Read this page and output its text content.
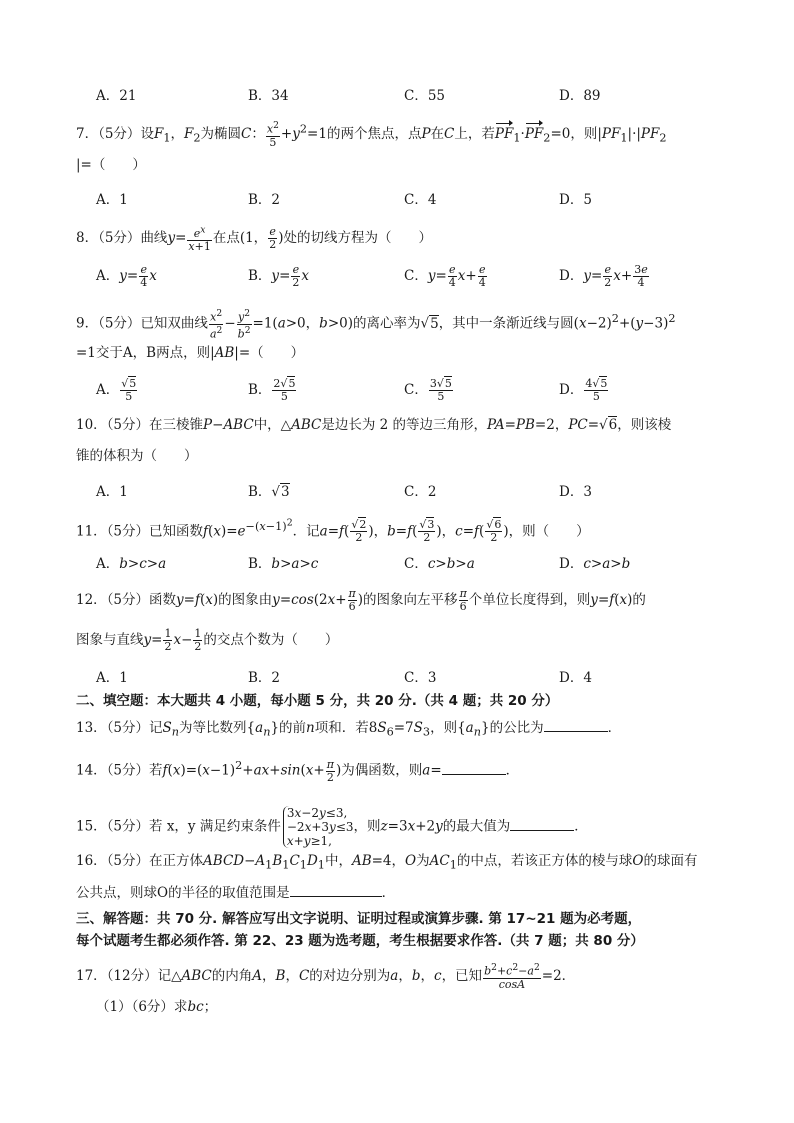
A．21	B．34	C．55	D．89
7．（5分）设$F_1$，$F_2$为椭圆C： $\frac{x^2}{5} +y^2=1$的两个焦点，点P在C上，若$PF_1\cdot PF_2=0$，则$|PF_1|\cdot|PF_2$
|=（　　）
A．1	B．2	C．4	D．5
8．（5分）曲线$y= \frac{e^x}{x+1}$ 在点(1， $\frac{e}{2}$ )处的切线方程为（　　）
A．$y= \frac{e}{4}$ x	B．$y= \frac{e}{2}$ x	C．$y= \frac{e}{4} x+ \frac{e}{4}$	D．$y= \frac{e}{2} x+ \frac{3e}{4}$
9．（5分）已知双曲线 $\frac{x^2}{a^2} - \frac{y^2}{b^2} =1(a>0$，b>0)的离心率为√5，其中一条渐近线与圆$(x-2)^2+(y-3)^2$
=1交于A，B两点，则|AB|=（　　）
A． $\frac{√5}{5}$	B． $\frac{2√5}{5}$	C． $\frac{3√5}{5}$	D． $\frac{4√5}{5}$
10．（5分）在三棱锥P−ABC中，△ABC是边长为 2 的等边三角形，PA=PB=2，PC=√6，则该棱
锥的体积为（　　）
A．1	B．√3	C．2	D．3
11．（5分）已知函数$f(x)=e^{-(x-1)^2}$．记$a=f( \frac{√2}{2}$ )，$b=f( \frac{√3}{2}$ )，$c=f( \frac{√6}{2}$ )，则（　　）
A．b>c>a	B．b>a>c	C．c>b>a	D．c>a>b
12．（5分）函数y=f(x)的图象由$y=\cos(2x+ \frac{\pi}{6}$ )的图象向左平移 $\frac{\pi}{6}$ 个单位长度得到，则y=f(x)的
图象与直线$y= \frac{1}{2} x- \frac{1}{2}$ 的交点个数为（　　）
A．1	B．2	C．3	D．4
二、填空题：本大题共 4 小题，每小题 5 分，共 20 分.（共 4 题；共 20 分）
13．（5分）记$S_n$为等比数列$\{a_n\}$的前n项和．若$8S_6=7S_3$，则$\{a_n\}$的公比为	．
14．（5分）若$f(x)=(x-1)^2+ax+\sin(x+ \frac{\pi}{2}$ )为偶函数，则a=	．
15．（5分）若 x，y 满足约束条件3x−2y≤3,
−2x+3y≤3
x+y≥1,，则z=3x+2y的最大值为	．
16．（5分）在正方体$ABCD-A_1B_1C_1D_1$中，AB=4，O为$AC_1$的中点，若该正方体的棱与球O的球面有
公共点，则球O的半径的取值范围是	．
三、解答题：共 70 分. 解答应写出文字说明、证明过程或演算步骤. 第 17~21 题为必考题，
每个试题考生都必须作答. 第 22、23 题为选考题，考生根据要求作答.（共 7 题；共 80 分）
17．（12分）记△ABC的内角A，B，C的对边分别为a，b，c，已知 $\frac{b^2+c^2-a^2}{\cos A} =2$．
（1）（6分）求bc；
